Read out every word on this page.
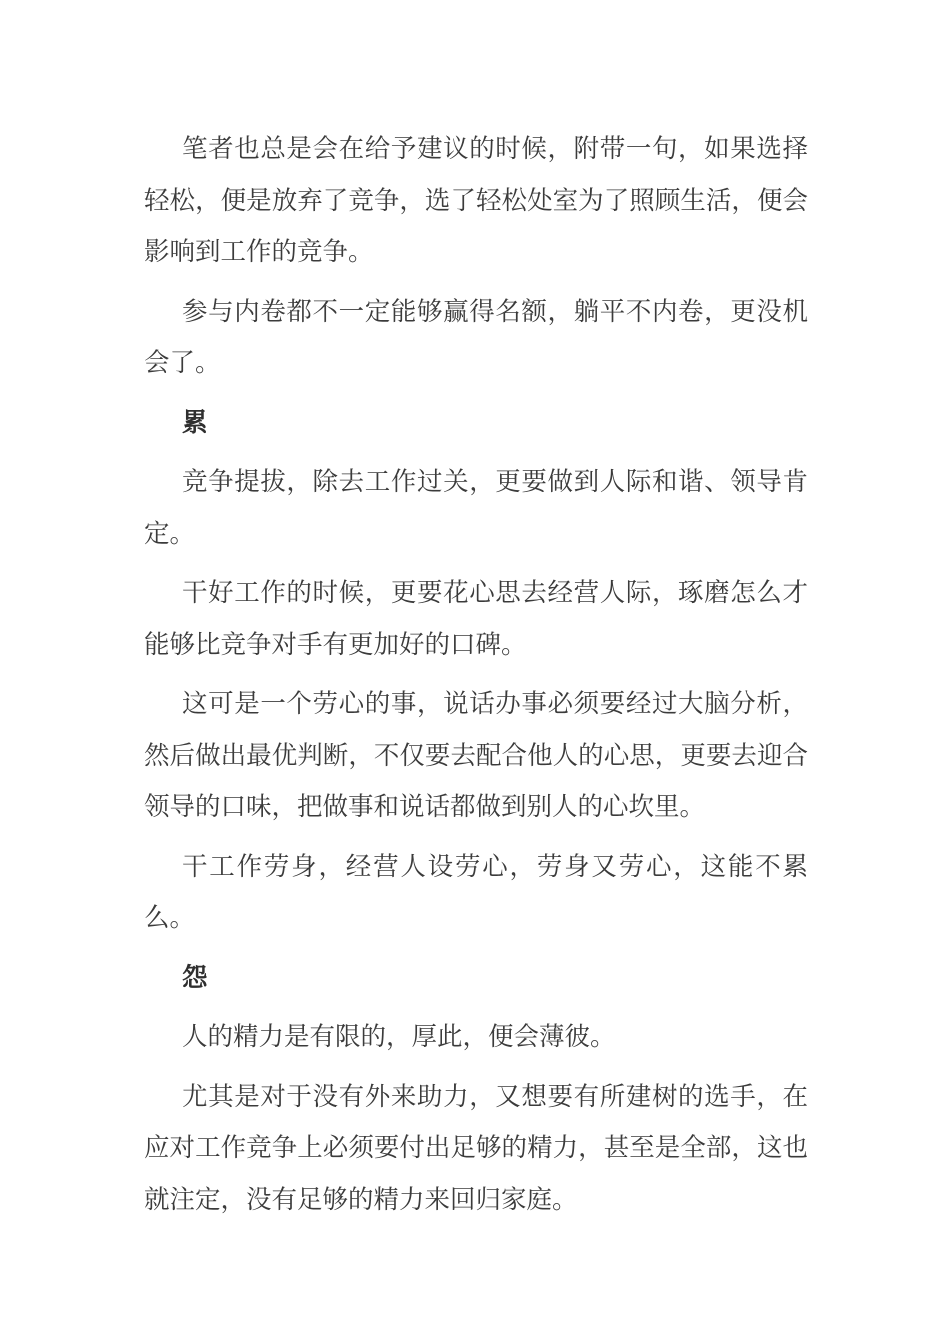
笔者也总是会在给予建议的时候，附带一句，如果选择轻松，便是放弃了竞争，选了轻松处室为了照顾生活，便会影响到工作的竞争。

参与内卷都不一定能够赢得名额，躺平不内卷，更没机会了。

累

竞争提拔，除去工作过关，更要做到人际和谐、领导肯定。

干好工作的时候，更要花心思去经营人际，琢磨怎么才能够比竞争对手有更加好的口碑。

这可是一个劳心的事，说话办事必须要经过大脑分析，然后做出最优判断，不仅要去配合他人的心思，更要去迎合领导的口味，把做事和说话都做到别人的心坎里。

干工作劳身，经营人设劳心，劳身又劳心，这能不累么。

怨

人的精力是有限的，厚此，便会薄彼。

尤其是对于没有外来助力，又想要有所建树的选手，在应对工作竞争上必须要付出足够的精力，甚至是全部，这也就注定，没有足够的精力来回归家庭。
